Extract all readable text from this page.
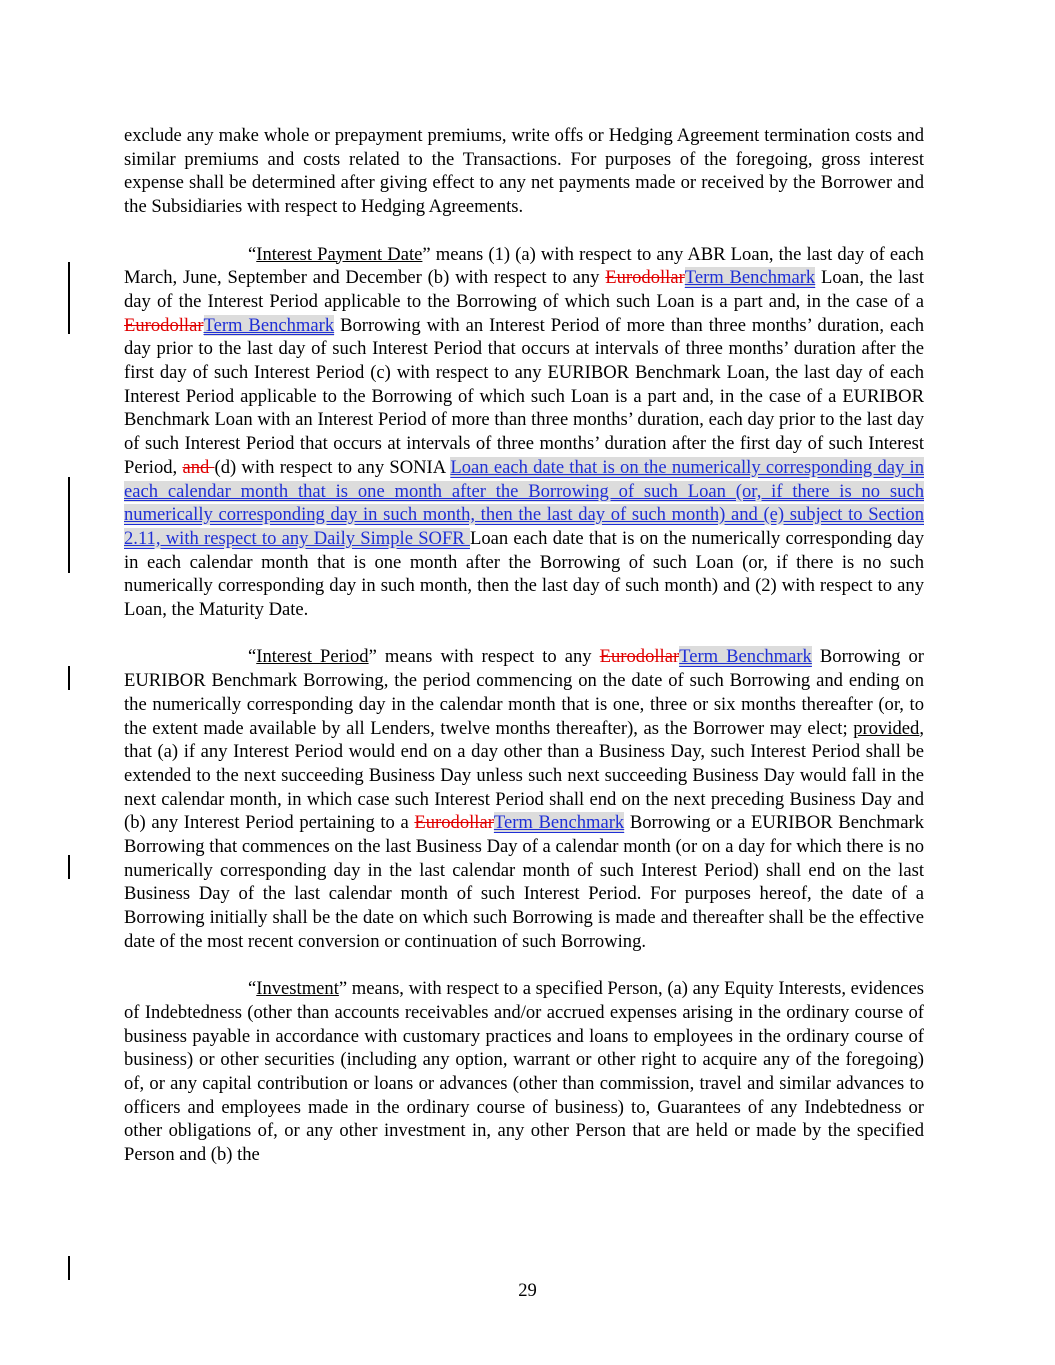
exclude any make whole or prepayment premiums, write offs or Hedging Agreement termination costs and similar premiums and costs related to the Transactions. For purposes of the foregoing, gross interest expense shall be determined after giving effect to any net payments made or received by the Borrower and the Subsidiaries with respect to Hedging Agreements.

“Interest Payment Date” means (1) (a) with respect to any ABR Loan, the last day of each March, June, September and December (b) with respect to any EurodollarTerm Benchmark Loan, the last day of the Interest Period applicable to the Borrowing of which such Loan is a part and, in the case of a EurodollarTerm Benchmark Borrowing with an Interest Period of more than three months’ duration, each day prior to the last day of such Interest Period that occurs at intervals of three months’ duration after the first day of such Interest Period (c) with respect to any EURIBOR Benchmark Loan, the last day of each Interest Period applicable to the Borrowing of which such Loan is a part and, in the case of a EURIBOR Benchmark Loan with an Interest Period of more than three months’ duration, each day prior to the last day of such Interest Period that occurs at intervals of three months’ duration after the first day of such Interest Period, and (d) with respect to any SONIA Loan each date that is on the numerically corresponding day in each calendar month that is one month after the Borrowing of such Loan (or, if there is no such numerically corresponding day in such month, then the last day of such month) and (e) subject to Section 2.11, with respect to any Daily Simple SOFR Loan each date that is on the numerically corresponding day in each calendar month that is one month after the Borrowing of such Loan (or, if there is no such numerically corresponding day in such month, then the last day of such month) and (2) with respect to any Loan, the Maturity Date.

“Interest Period” means with respect to any EurodollarTerm Benchmark Borrowing or EURIBOR Benchmark Borrowing, the period commencing on the date of such Borrowing and ending on the numerically corresponding day in the calendar month that is one, three or six months thereafter (or, to the extent made available by all Lenders, twelve months thereafter), as the Borrower may elect; provided, that (a) if any Interest Period would end on a day other than a Business Day, such Interest Period shall be extended to the next succeeding Business Day unless such next succeeding Business Day would fall in the next calendar month, in which case such Interest Period shall end on the next preceding Business Day and (b) any Interest Period pertaining to a EurodollarTerm Benchmark Borrowing or a EURIBOR Benchmark Borrowing that commences on the last Business Day of a calendar month (or on a day for which there is no numerically corresponding day in the last calendar month of such Interest Period) shall end on the last Business Day of the last calendar month of such Interest Period. For purposes hereof, the date of a Borrowing initially shall be the date on which such Borrowing is made and thereafter shall be the effective date of the most recent conversion or continuation of such Borrowing.

“Investment” means, with respect to a specified Person, (a) any Equity Interests, evidences of Indebtedness (other than accounts receivables and/or accrued expenses arising in the ordinary course of business payable in accordance with customary practices and loans to employees in the ordinary course of business) or other securities (including any option, warrant or other right to acquire any of the foregoing) of, or any capital contribution or loans or advances (other than commission, travel and similar advances to officers and employees made in the ordinary course of business) to, Guarantees of any Indebtedness or other obligations of, or any other investment in, any other Person that are held or made by the specified Person and (b) the

29
